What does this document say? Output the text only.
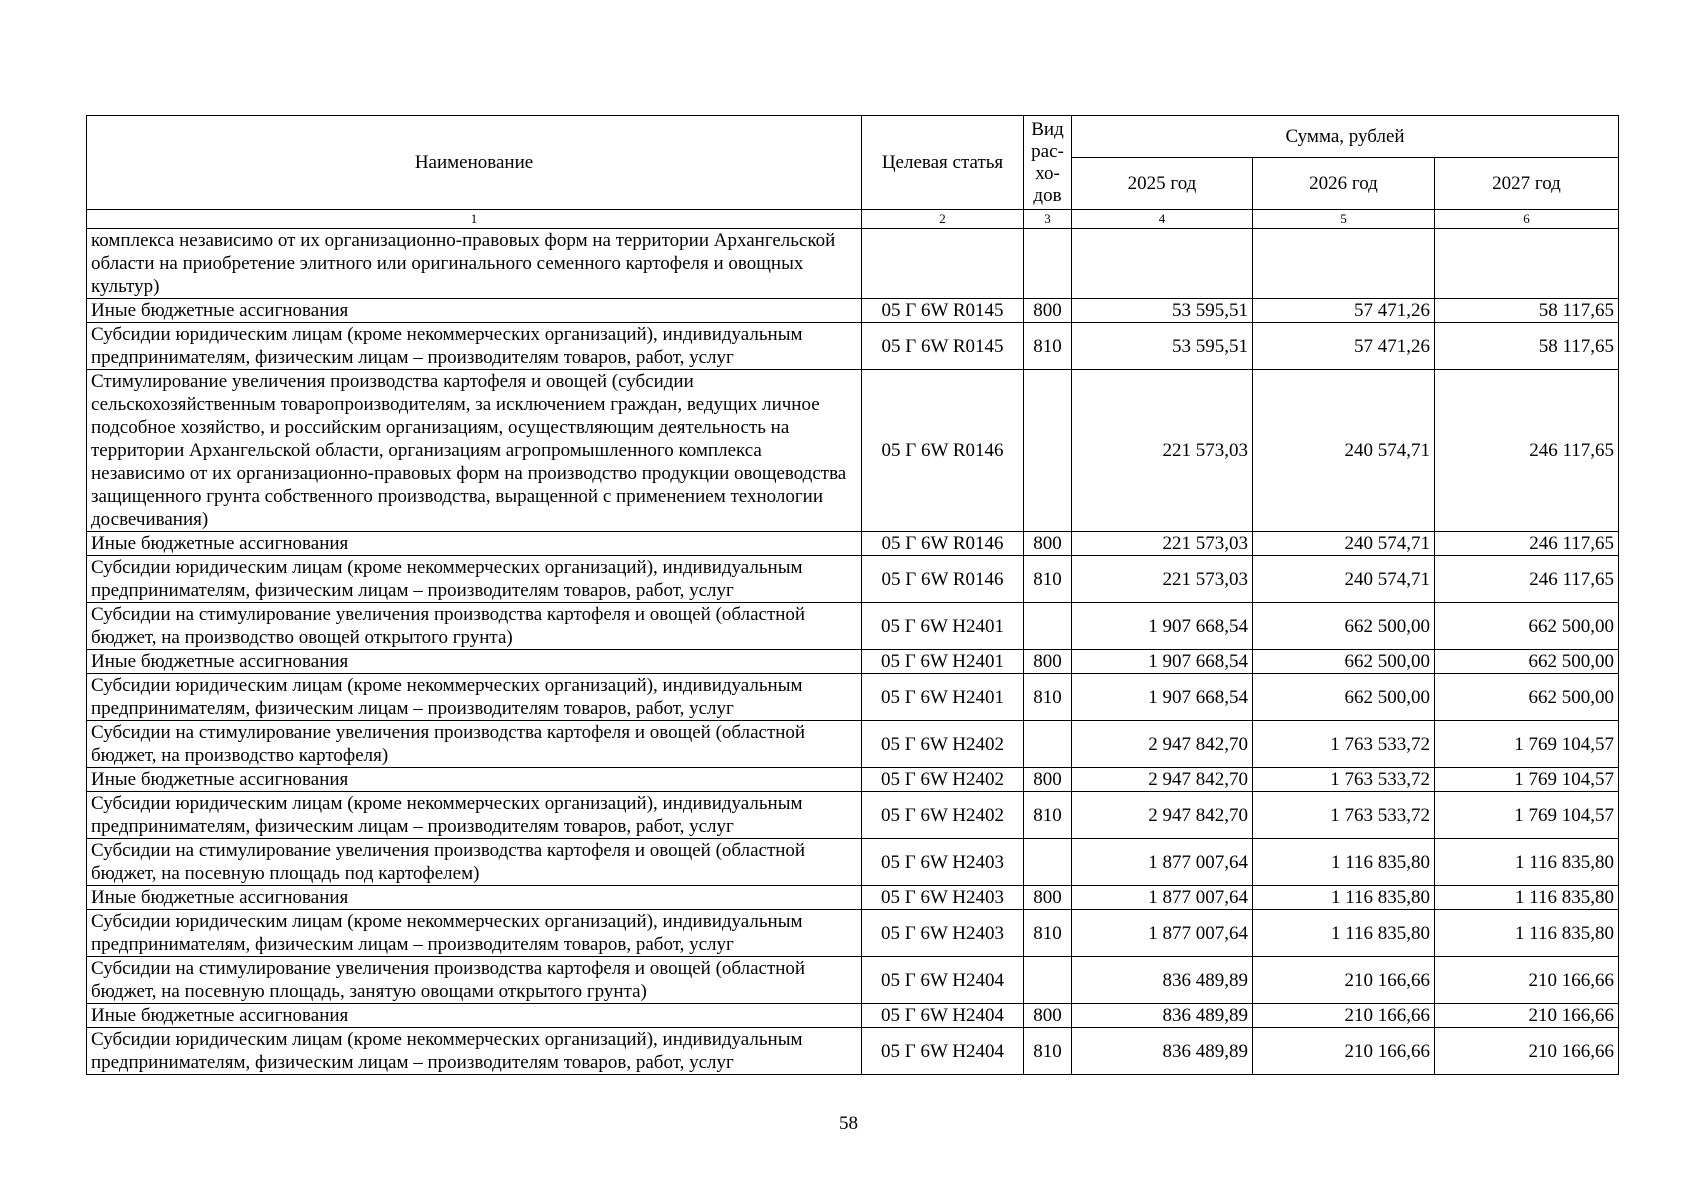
Наименование	Целевая статья	Вид рас-хо-дов	Сумма, рублей		
			2025 год	2026 год	2027 год
1	2	3	4	5	6
комплекса независимо от их организационно-правовых форм на территории Архангельской области на приобретение элитного или оригинального семенного картофеля и овощных культур)					
Иные бюджетные ассигнования	05 Г 6W R0145	800	53 595,51	57 471,26	58 117,65
Субсидии юридическим лицам (кроме некоммерческих организаций), индивидуальным предпринимателям, физическим лицам – производителям товаров, работ, услуг	05 Г 6W R0145	810	53 595,51	57 471,26	58 117,65
Стимулирование увеличения производства картофеля и овощей (субсидии сельскохозяйственным товаропроизводителям, за исключением граждан, ведущих личное подсобное хозяйство, и российским организациям, осуществляющим деятельность на территории Архангельской области, организациям агропромышленного комплекса независимо от их организационно-правовых форм на производство продукции овощеводства защищенного грунта собственного производства, выращенной с применением технологии досвечивания)	05 Г 6W R0146		221 573,03	240 574,71	246 117,65
Иные бюджетные ассигнования	05 Г 6W R0146	800	221 573,03	240 574,71	246 117,65
Субсидии юридическим лицам (кроме некоммерческих организаций), индивидуальным предпринимателям, физическим лицам – производителям товаров, работ, услуг	05 Г 6W R0146	810	221 573,03	240 574,71	246 117,65
Субсидии на стимулирование увеличения производства картофеля и овощей (областной бюджет, на производство овощей открытого грунта)	05 Г 6W Н2401		1 907 668,54	662 500,00	662 500,00
Иные бюджетные ассигнования	05 Г 6W Н2401	800	1 907 668,54	662 500,00	662 500,00
Субсидии юридическим лицам (кроме некоммерческих организаций), индивидуальным предпринимателям, физическим лицам – производителям товаров, работ, услуг	05 Г 6W Н2401	810	1 907 668,54	662 500,00	662 500,00
Субсидии на стимулирование увеличения производства картофеля и овощей (областной бюджет, на производство картофеля)	05 Г 6W Н2402		2 947 842,70	1 763 533,72	1 769 104,57
Иные бюджетные ассигнования	05 Г 6W Н2402	800	2 947 842,70	1 763 533,72	1 769 104,57
Субсидии юридическим лицам (кроме некоммерческих организаций), индивидуальным предпринимателям, физическим лицам – производителям товаров, работ, услуг	05 Г 6W Н2402	810	2 947 842,70	1 763 533,72	1 769 104,57
Субсидии на стимулирование увеличения производства картофеля и овощей (областной бюджет, на посевную площадь под картофелем)	05 Г 6W Н2403		1 877 007,64	1 116 835,80	1 116 835,80
Иные бюджетные ассигнования	05 Г 6W Н2403	800	1 877 007,64	1 116 835,80	1 116 835,80
Субсидии юридическим лицам (кроме некоммерческих организаций), индивидуальным предпринимателям, физическим лицам – производителям товаров, работ, услуг	05 Г 6W Н2403	810	1 877 007,64	1 116 835,80	1 116 835,80
Субсидии на стимулирование увеличения производства картофеля и овощей (областной бюджет, на посевную площадь, занятую овощами открытого грунта)	05 Г 6W Н2404		836 489,89	210 166,66	210 166,66
Иные бюджетные ассигнования	05 Г 6W Н2404	800	836 489,89	210 166,66	210 166,66
Субсидии юридическим лицам (кроме некоммерческих организаций), индивидуальным предпринимателям, физическим лицам – производителям товаров, работ, услуг	05 Г 6W Н2404	810	836 489,89	210 166,66	210 166,66
58
